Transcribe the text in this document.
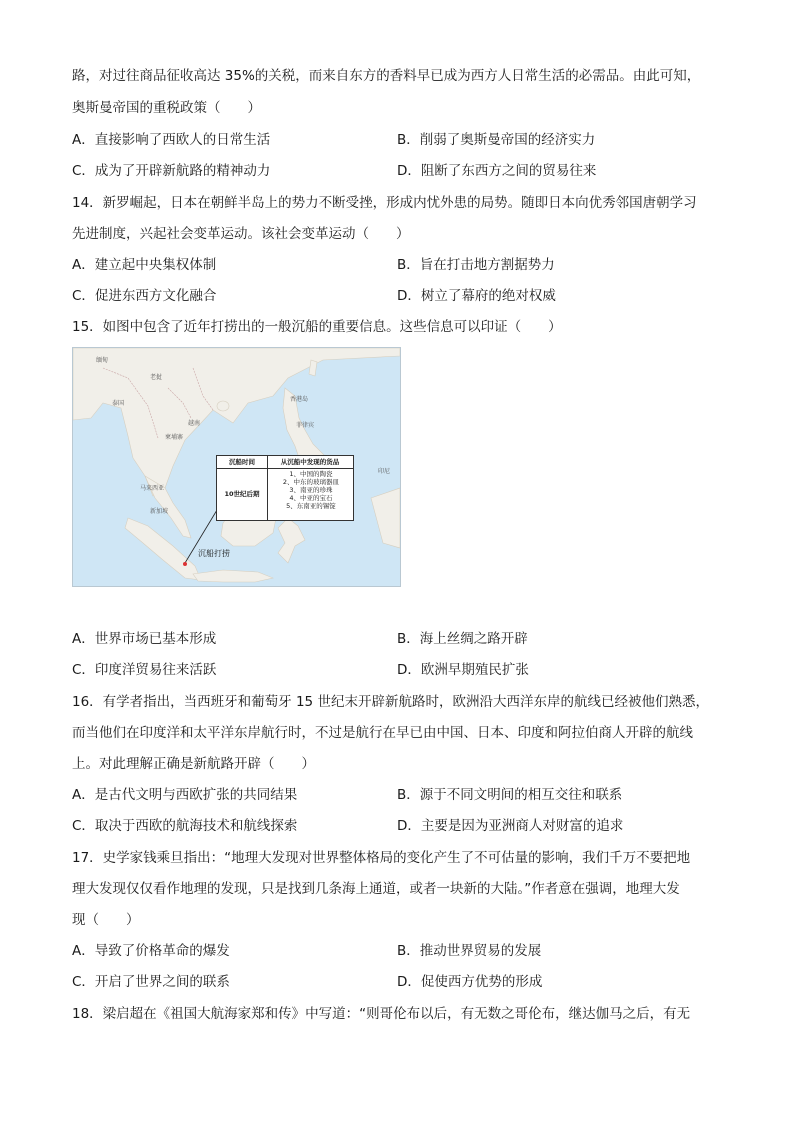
路，对过往商品征收高达 35%的关税，而来自东方的香料早已成为西方人日常生活的必需品。由此可知，
奥斯曼帝国的重税政策（　　）
A．直接影响了西欧人的日常生活	B．削弱了奥斯曼帝国的经济实力
C．成为了开辟新航路的精神动力	D．阻断了东西方之间的贸易往来
14．新罗崛起，日本在朝鲜半岛上的势力不断受挫，形成内忧外患的局势。随即日本向优秀邻国唐朝学习
先进制度，兴起社会变革运动。该社会变革运动（　　）
A．建立起中央集权体制	B．旨在打击地方割据势力
C．促进东西方文化融合	D．树立了幕府的绝对权威
15．如图中包含了近年打捞出的一般沉船的重要信息。这些信息可以印证（　　）
缅甸
泰国
越南
香港岛
菲律宾
马来西亚
印尼
老挝
柬埔寨
新加坡
沉船时间	从沉船中发现的货品
10世纪后期
1、中国的陶瓷
2、中东的玻璃器皿
3、南亚的珍珠
4、中亚的宝石
5、东南亚的锡锭
沉船打捞
A．世界市场已基本形成	B．海上丝绸之路开辟
C．印度洋贸易往来活跃	D．欧洲早期殖民扩张
16．有学者指出，当西班牙和葡萄牙 15 世纪末开辟新航路时，欧洲沿大西洋东岸的航线已经被他们熟悉，
而当他们在印度洋和太平洋东岸航行时，不过是航行在早已由中国、日本、印度和阿拉伯商人开辟的航线
上。对此理解正确是新航路开辟（　　）
A．是古代文明与西欧扩张的共同结果	B．源于不同文明间的相互交往和联系
C．取决于西欧的航海技术和航线探索	D．主要是因为亚洲商人对财富的追求
17．史学家钱乘旦指出：“地理大发现对世界整体格局的变化产生了不可估量的影响，我们千万不要把地
理大发现仅仅看作地理的发现，只是找到几条海上通道，或者一块新的大陆。”作者意在强调，地理大发
现（　　）
A．导致了价格革命的爆发	B．推动世界贸易的发展
C．开启了世界之间的联系	D．促使西方优势的形成
18．梁启超在《祖国大航海家郑和传》中写道：“则哥伦布以后，有无数之哥伦布，继达伽马之后，有无
